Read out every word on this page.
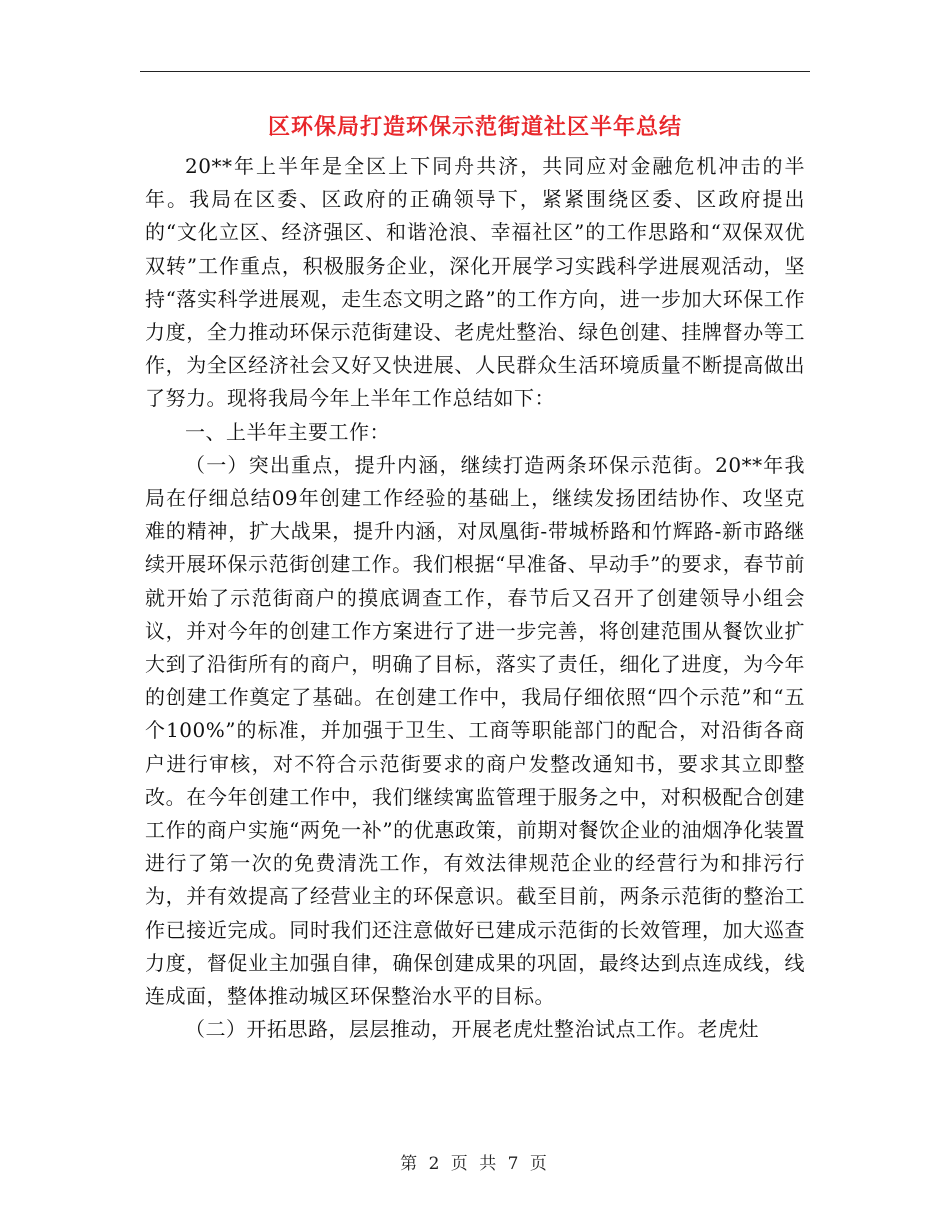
区环保局打造环保示范街道社区半年总结

20**年上半年是全区上下同舟共济，共同应对金融危机冲击的半年。我局在区委、区政府的正确领导下，紧紧围绕区委、区政府提出的“文化立区、经济强区、和谐沧浪、幸福社区”的工作思路和“双保双优双转”工作重点，积极服务企业，深化开展学习实践科学进展观活动，坚持“落实科学进展观，走生态文明之路”的工作方向，进一步加大环保工作力度，全力推动环保示范街建设、老虎灶整治、绿色创建、挂牌督办等工作，为全区经济社会又好又快进展、人民群众生活环境质量不断提高做出了努力。现将我局今年上半年工作总结如下：

一、上半年主要工作：

（一）突出重点，提升内涵，继续打造两条环保示范街。20**年我局在仔细总结09年创建工作经验的基础上，继续发扬团结协作、攻坚克难的精神，扩大战果，提升内涵，对凤凰街-带城桥路和竹辉路-新市路继续开展环保示范街创建工作。我们根据“早准备、早动手”的要求，春节前就开始了示范街商户的摸底调查工作，春节后又召开了创建领导小组会议，并对今年的创建工作方案进行了进一步完善，将创建范围从餐饮业扩大到了沿街所有的商户，明确了目标，落实了责任，细化了进度，为今年的创建工作奠定了基础。在创建工作中，我局仔细依照“四个示范”和“五个100%”的标准，并加强于卫生、工商等职能部门的配合，对沿街各商户进行审核，对不符合示范街要求的商户发整改通知书，要求其立即整改。在今年创建工作中，我们继续寓监管理于服务之中，对积极配合创建工作的商户实施“两免一补”的优惠政策，前期对餐饮企业的油烟净化装置进行了第一次的免费清洗工作，有效法律规范企业的经营行为和排污行为，并有效提高了经营业主的环保意识。截至目前，两条示范街的整治工作已接近完成。同时我们还注意做好已建成示范街的长效管理，加大巡查力度，督促业主加强自律，确保创建成果的巩固，最终达到点连成线，线连成面，整体推动城区环保整治水平的目标。

（二）开拓思路，层层推动，开展老虎灶整治试点工作。老虎灶

第 2 页 共 7 页
